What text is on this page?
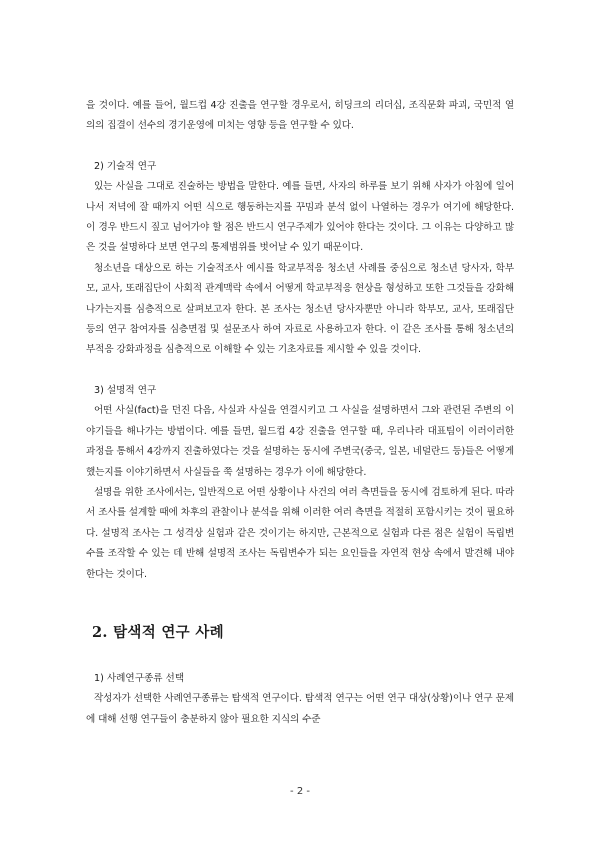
을 것이다. 예를 들어, 월드컵 4강 진출을 연구할 경우로서, 히딩크의 리더십, 조직문화 파괴, 국민적 열의의 집결이 선수의 경기운영에 미치는 영향 등을 연구할 수 있다.

2) 기술적 연구

있는 사실을 그대로 진술하는 방법을 말한다. 예를 들면, 사자의 하루를 보기 위해 사자가 아침에 일어나서 저녁에 잘 때까지 어떤 식으로 행동하는지를 꾸밈과 분석 없이 나열하는 경우가 여기에 해당한다. 이 경우 반드시 짚고 넘어가야 할 점은 반드시 연구주제가 있어야 한다는 것이다. 그 이유는 다양하고 많은 것을 설명하다 보면 연구의 통제범위를 벗어날 수 있기 때문이다.

청소년을 대상으로 하는 기술적조사 예시를 학교부적응 청소년 사례를 중심으로 청소년 당사자, 학부모, 교사, 또래집단이 사회적 관계맥락 속에서 어떻게 학교부적응 현상을 형성하고 또한 그것들을 강화해 나가는지를 심층적으로 살펴보고자 한다. 본 조사는 청소년 당사자뿐만 아니라 학부모, 교사, 또래집단 등의 연구 참여자를 심층면접 및 설문조사 하여 자료로 사용하고자 한다. 이 같은 조사를 통해 청소년의 부적응 강화과정을 심층적으로 이해할 수 있는 기초자료를 제시할 수 있을 것이다.

3) 설명적 연구

어떤 사실(fact)을 던진 다음, 사실과 사실을 연결시키고 그 사실을 설명하면서 그와 관련된 주변의 이야기들을 해나가는 방법이다. 예를 들면, 월드컵 4강 진출을 연구할 때, 우리나라 대표팀이 이러이러한 과정을 통해서 4강까지 진출하였다는 것을 설명하는 동시에 주변국(중국, 일본, 네덜란드 등)들은 어떻게 했는지를 이야기하면서 사실들을 쭉 설명하는 경우가 이에 해당한다.

설명을 위한 조사에서는, 일반적으로 어떤 상황이나 사건의 여러 측면들을 동시에 검토하게 된다. 따라서 조사를 설계할 때에 차후의 관찰이나 분석을 위해 이러한 여러 측면을 적절히 포함시키는 것이 필요하다. 설명적 조사는 그 성격상 실험과 같은 것이기는 하지만, 근본적으로 실험과 다른 점은 실험이 독립변수를 조작할 수 있는 데 반해 설명적 조사는 독립변수가 되는 요인들을 자연적 현상 속에서 발견해 내야 한다는 것이다.

2. 탐색적 연구 사례
1) 사례연구종류 선택

작성자가 선택한 사례연구종류는 탐색적 연구이다. 탐색적 연구는 어떤 연구 대상(상황)이나 연구 문제에 대해 선행 연구들이 충분하지 않아 필요한 지식의 수준

- 2 -
